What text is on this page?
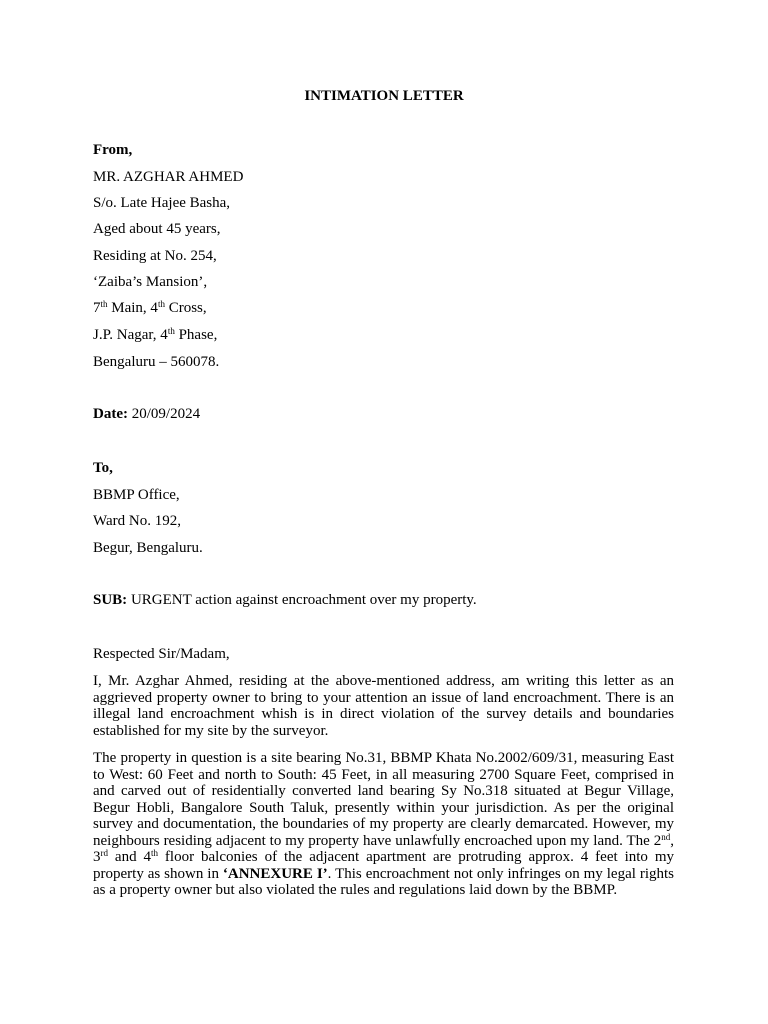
INTIMATION LETTER
From,
MR. AZGHAR AHMED
S/o. Late Hajee Basha,
Aged about 45 years,
Residing at No. 254,
‘Zaiba’s Mansion’,
7th Main, 4th Cross,
J.P. Nagar, 4th Phase,
Bengaluru – 560078.
Date: 20/09/2024
To,
BBMP Office,
Ward No. 192,
Begur, Bengaluru.
SUB: URGENT action against encroachment over my property.
Respected Sir/Madam,
I, Mr. Azghar Ahmed, residing at the above-mentioned address, am writing this letter as an aggrieved property owner to bring to your attention an issue of land encroachment. There is an illegal land encroachment whish is in direct violation of the survey details and boundaries established for my site by the surveyor.
The property in question is a site bearing No.31, BBMP Khata No.2002/609/31, measuring East to West: 60 Feet and north to South: 45 Feet, in all measuring 2700 Square Feet, comprised in and carved out of residentially converted land bearing Sy No.318 situated at Begur Village, Begur Hobli, Bangalore South Taluk, presently within your jurisdiction. As per the original survey and documentation, the boundaries of my property are clearly demarcated. However, my neighbours residing adjacent to my property have unlawfully encroached upon my land. The 2nd, 3rd and 4th floor balconies of the adjacent apartment are protruding approx. 4 feet into my property as shown in ‘ANNEXURE I’. This encroachment not only infringes on my legal rights as a property owner but also violated the rules and regulations laid down by the BBMP.
